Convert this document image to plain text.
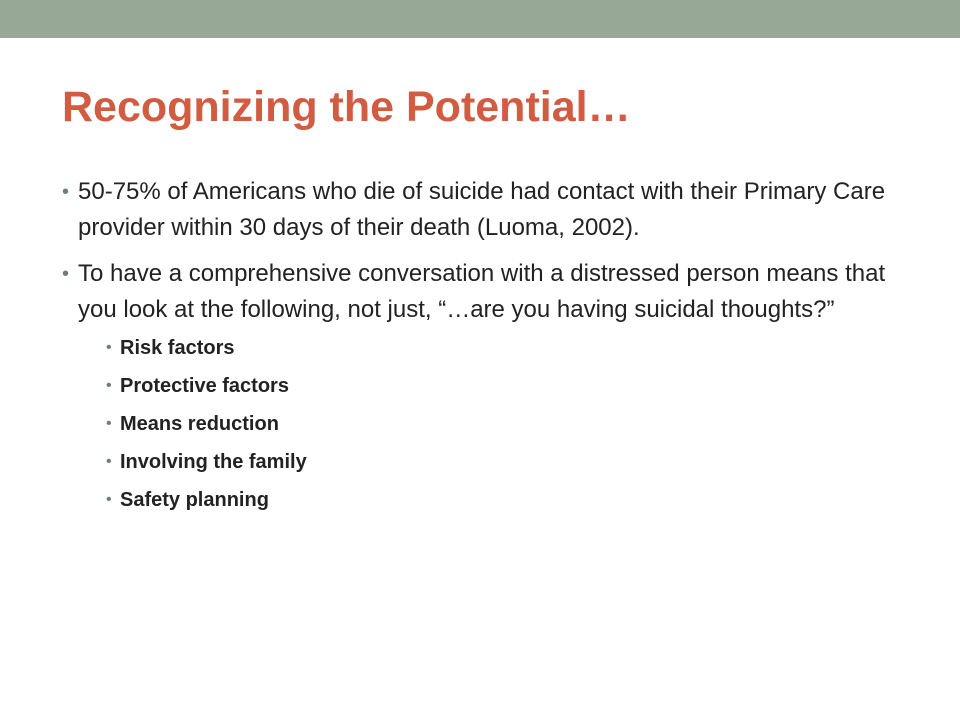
Recognizing the Potential…
• 50-75% of Americans who die of suicide had contact with their Primary Care provider within 30 days of their death (Luoma, 2002).
• To have a comprehensive conversation with a distressed person means that you look at the following, not just, “…are you having suicidal thoughts?”
• Risk factors
• Protective factors
• Means reduction
• Involving the family
• Safety planning
